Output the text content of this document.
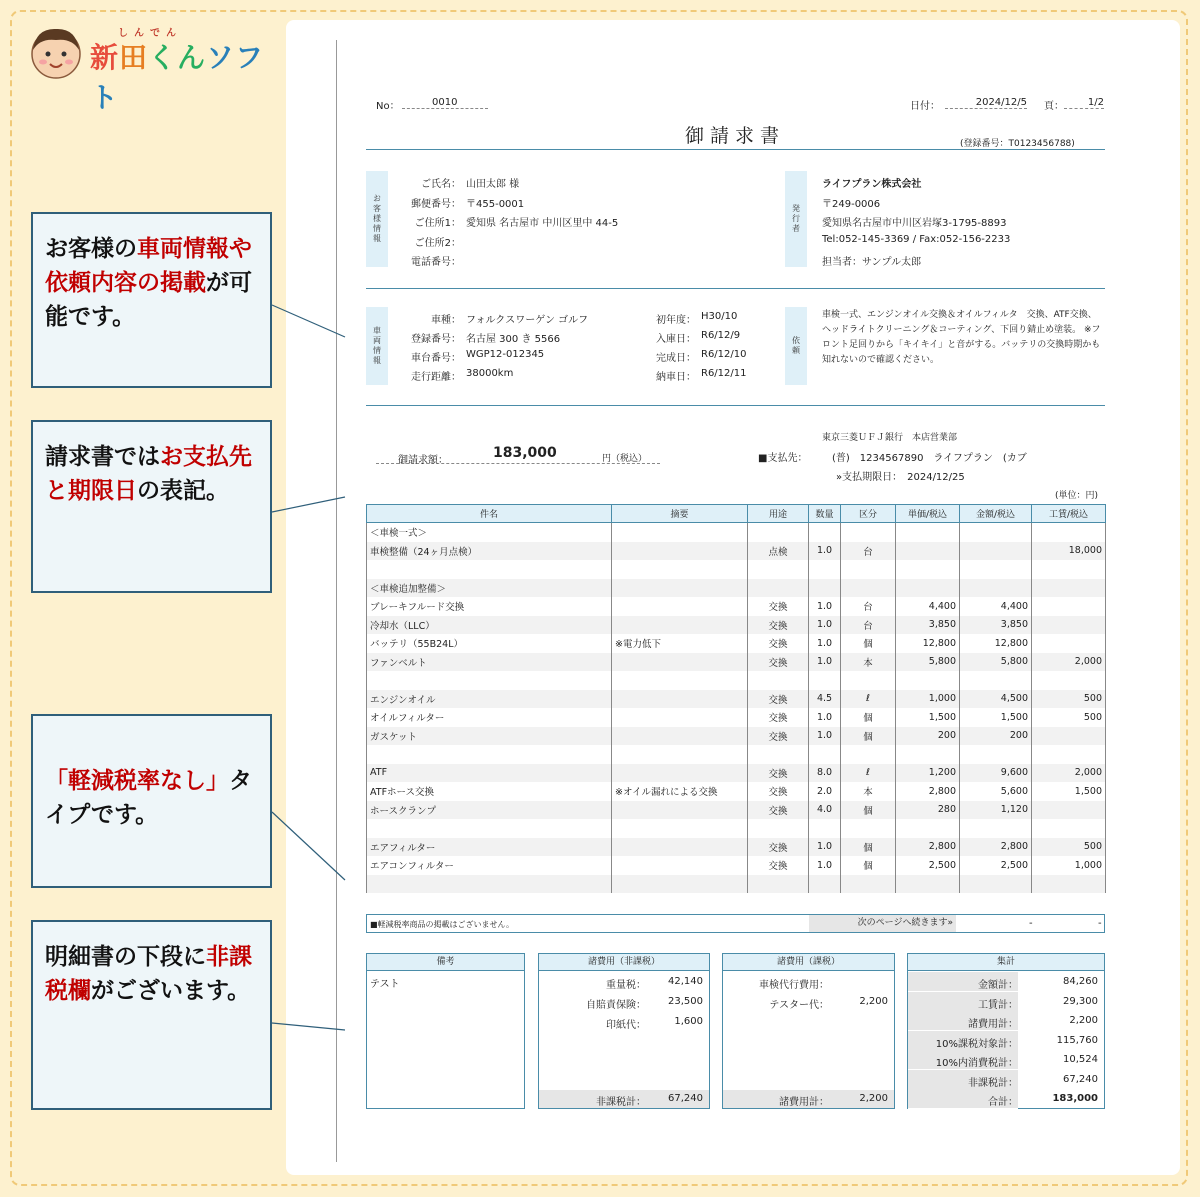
しんでん
新田くんソフト
お客様の車両情報や依頼内容の掲載が可能です。
請求書ではお支払先と期限日の表記。
「軽減税率なし」タイプです。
明細書の下段に非課税欄がございます。
No：	0010	日付：	2024/12/5 頁：	1/2
御請求書	(登録番号：T0123456788)
お客様情報
ご氏名： 山田太郎 様
郵便番号： 〒455-0001
ご住所1： 愛知県 名古屋市 中川区里中 44-5
ご住所2：
電話番号：
発行者
ライフプラン株式会社
〒249-0006
愛知県名古屋市中川区岩塚3-1795-8893
Tel:052-145-3369 / Fax:052-156-2233
担当者：サンプル太郎
車両情報
車種： フォルクスワーゲン ゴルフ
登録番号： 名古屋 300 き 5566
車台番号： WGP12-012345
走行距離： 38000km
初年度： H30/10
入庫日： R6/12/9
完成日： R6/12/10
納車日： R6/12/11
依頼
車検一式、エンジンオイル交換＆オイルフィルタ　交換、ATF交換、ヘッドライトクリーニング＆コーティング、下回り錆止め塗装。 ※フロント足回りから「キイキイ」と音がする。バッテリの交換時期かも知れないので確認ください。
御請求額：	183,000	円（税込）
東京三菱ＵＦＪ銀行　本店営業部
■支払先： (普)　1234567890　ライフプラン　(カブ
»支払期限日：　2024/12/25
(単位：円)
件名	摘要	用途	数量	区分	単価/税込	金額/税込	工賃/税込
＜車検一式＞							
車検整備（24ヶ月点検）		点検	1.0	台			18,000

＜車検追加整備＞							
ブレーキフルード交換		交換	1.0	台	4,400	4,400	
冷却水（LLC）		交換	1.0	台	3,850	3,850	
バッテリ（55B24L）	※電力低下	交換	1.0	個	12,800	12,800	
ファンベルト		交換	1.0	本	5,800	5,800	2,000

エンジンオイル		交換	4.5	ℓ	1,000	4,500	500
オイルフィルター		交換	1.0	個	1,500	1,500	500
ガスケット		交換	1.0	個	200	200	

ATF		交換	8.0	ℓ	1,200	9,600	2,000
ATFホース交換	※オイル漏れによる交換	交換	2.0	本	2,800	5,600	1,500
ホースクランプ		交換	4.0	個	280	1,120	

エアフィルター		交換	1.0	個	2,800	2,800	500
エアコンフィルター		交換	1.0	個	2,500	2,500	1,000

■軽減税率商品の掲載はございません。	次のページへ続きます»	-	-
備考
テスト
諸費用（非課税）
重量税： 42,140
自賠責保険： 23,500
印紙代：	1,600
非課税計： 67,240
諸費用（課税）
車検代行費用：
テスター代：	2,200
諸費用計：	2,200
集計
金額計：	84,260
工賃計：	29,300
諸費用計：	2,200
10%課税対象計：	115,760
10%内消費税計：	10,524
非課税計：	67,240
合計：	183,000
